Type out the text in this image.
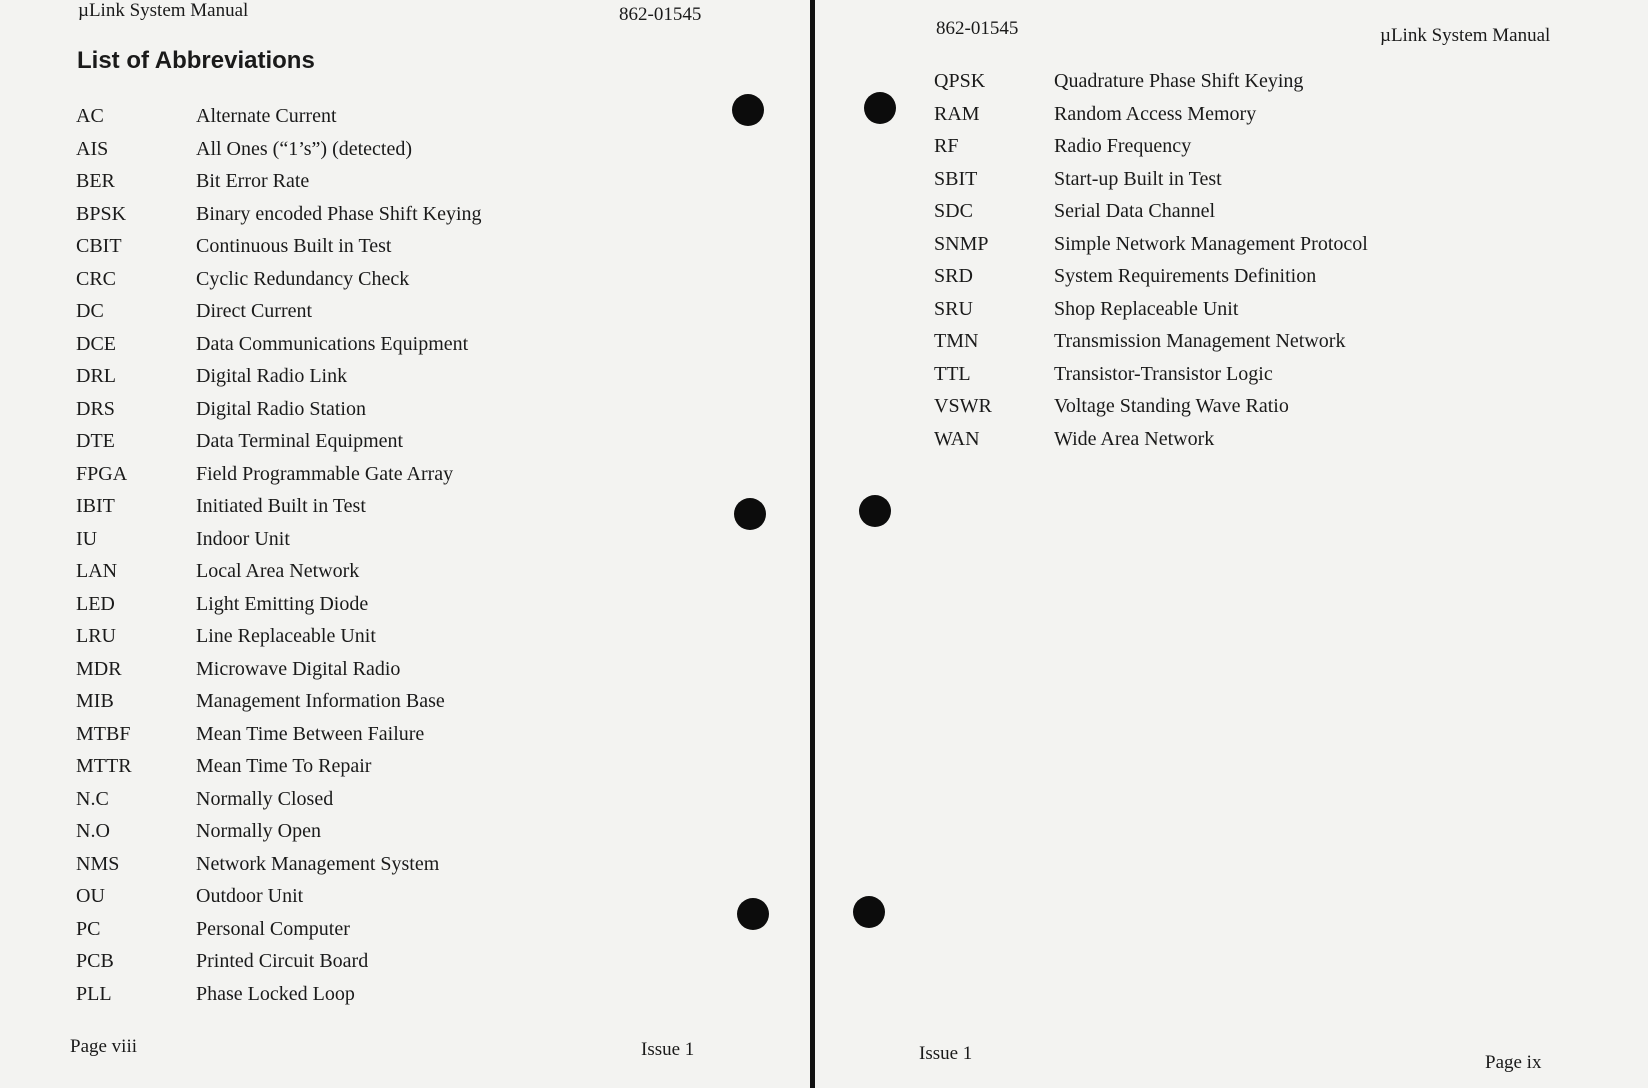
µLink System Manual	862-01545
List of Abbreviations
AC	Alternate Current
AIS	All Ones (“1’s”) (detected)
BER	Bit Error Rate
BPSK	Binary encoded Phase Shift Keying
CBIT	Continuous Built in Test
CRC	Cyclic Redundancy Check
DC	Direct Current
DCE	Data Communications Equipment
DRL	Digital Radio Link
DRS	Digital Radio Station
DTE	Data Terminal Equipment
FPGA	Field Programmable Gate Array
IBIT	Initiated Built in Test
IU	Indoor Unit
LAN	Local Area Network
LED	Light Emitting Diode
LRU	Line Replaceable Unit
MDR	Microwave Digital Radio
MIB	Management Information Base
MTBF	Mean Time Between Failure
MTTR	Mean Time To Repair
N.C	Normally Closed
N.O	Normally Open
NMS	Network Management System
OU	Outdoor Unit
PC	Personal Computer
PCB	Printed Circuit Board
PLL	Phase Locked Loop
Page viii	Issue 1
862-01545	µLink System Manual
QPSK	Quadrature Phase Shift Keying
RAM	Random Access Memory
RF	Radio Frequency
SBIT	Start-up Built in Test
SDC	Serial Data Channel
SNMP	Simple Network Management Protocol
SRD	System Requirements Definition
SRU	Shop Replaceable Unit
TMN	Transmission Management Network
TTL	Transistor-Transistor Logic
VSWR	Voltage Standing Wave Ratio
WAN	Wide Area Network
Issue 1	Page ix
